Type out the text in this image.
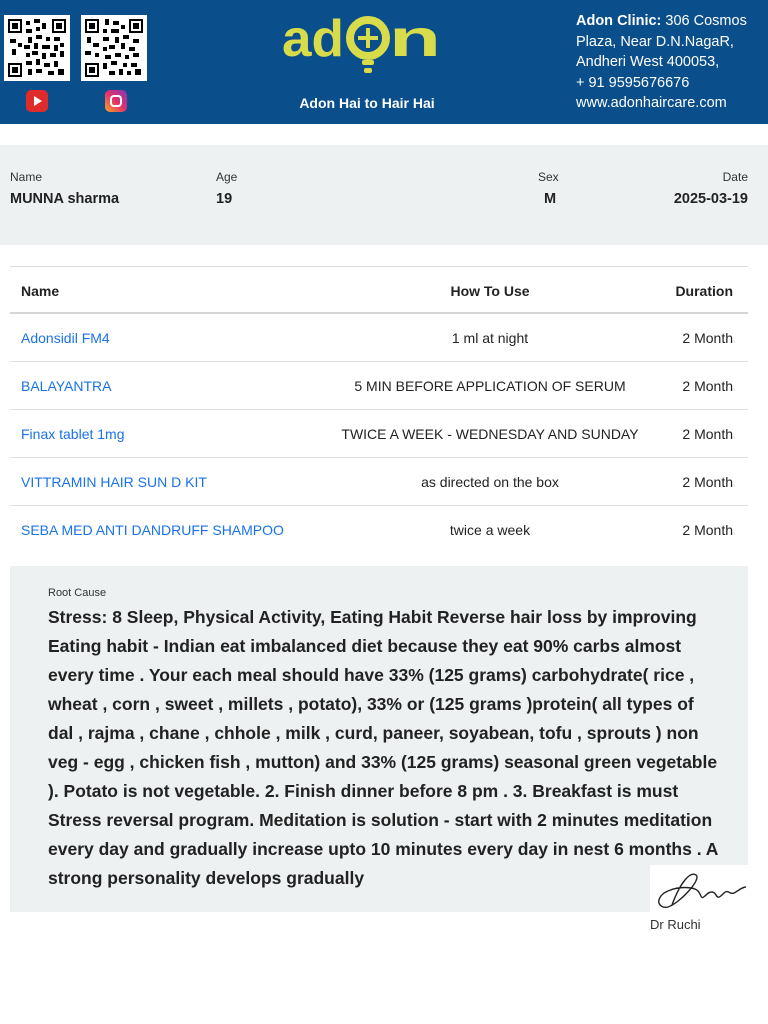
ad n
Adon Hai to Hair Hai
Adon Clinic: 306 Cosmos
Plaza, Near D.N.NagaR,
Andheri West 400053,
+ 91 9595676676
www.adonhaircare.com
Name
MUNNA sharma
Age
19
Sex
M
Date
2025-03-19
Name	How To Use	Duration
Adonsidil FM4	1 ml at night	2 Month
BALAYANTRA	5 MIN BEFORE APPLICATION OF SERUM	2 Month
Finax tablet 1mg	TWICE A WEEK - WEDNESDAY AND SUNDAY	2 Month
VITTRAMIN HAIR SUN D KIT	as directed on the box	2 Month
SEBA MED ANTI DANDRUFF SHAMPOO	twice a week	2 Month
Root Cause
Stress: 8 Sleep, Physical Activity, Eating Habit Reverse hair loss by improving Eating habit - Indian eat imbalanced diet because they eat 90% carbs almost every time . Your each meal should have 33% (125 grams) carbohydrate( rice , wheat , corn , sweet , millets , potato), 33% or (125 grams )protein( all types of dal , rajma , chane , chhole , milk , curd, paneer, soyabean, tofu , sprouts ) non veg - egg , chicken fish , mutton) and 33% (125 grams) seasonal green vegetable ). Potato is not vegetable. 2. Finish dinner before 8 pm . 3. Breakfast is must Stress reversal program. Meditation is solution - start with 2 minutes meditation every day and gradually increase upto 10 minutes every day in nest 6 months . A strong personality develops gradually
Dr Ruchi
